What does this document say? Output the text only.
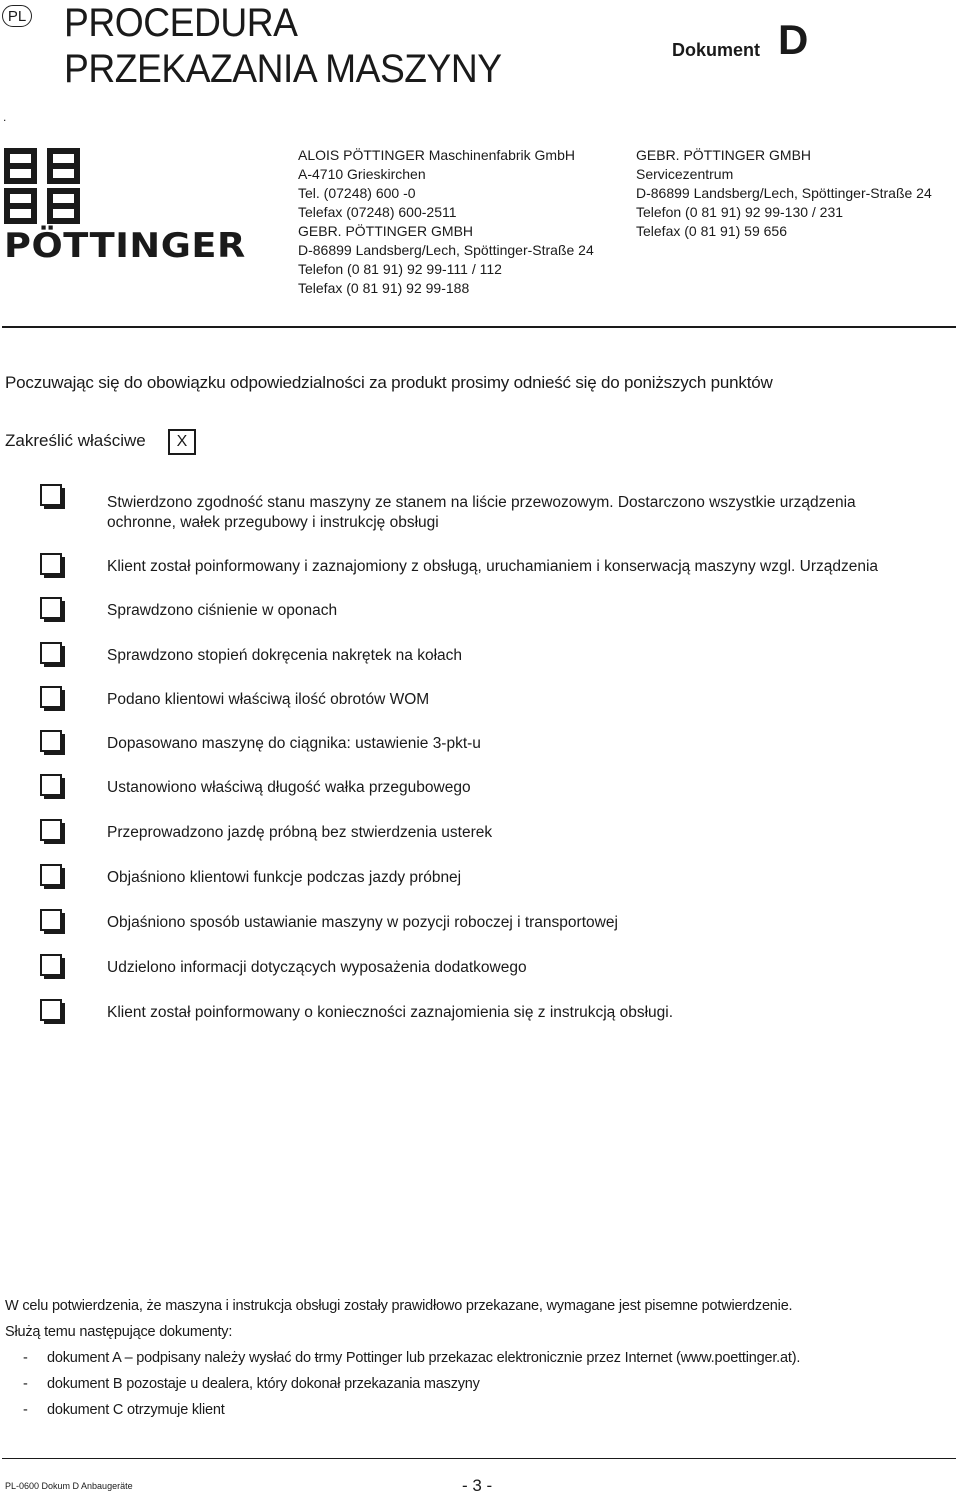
PL PROCEDURA
PRZEKAZANIA MASZYNY	Dokument D
.
PÖTTINGER
ALOIS PÖTTINGER Maschinenfabrik GmbH
A-4710 Grieskirchen
Tel. (07248) 600 -0
Telefax (07248) 600-2511
GEBR. PÖTTINGER GMBH
D-86899 Landsberg/Lech, Spöttinger-Straße 24
Telefon (0 81 91) 92 99-111 / 112
Telefax (0 81 91) 92 99-188
GEBR. PÖTTINGER GMBH
Servicezentrum
D-86899 Landsberg/Lech, Spöttinger-Straße 24
Telefon (0 81 91) 92 99-130 / 231
Telefax (0 81 91) 59 656
Poczuwając się do obowiązku odpowiedzialności za produkt prosimy odnieść się do poniższych punktów
Zakreślić właściwe	X
Stwierdzono zgodność stanu maszyny ze stanem na liście przewozowym. Dostarczono wszystkie urządzenia
ochronne, wałek przegubowy i instrukcję obsługi
Klient został poinformowany i zaznajomiony z obsługą, uruchamianiem i konserwacją maszyny wzgl. Urządzenia
Sprawdzono ciśnienie w oponach
Sprawdzono stopień dokręcenia nakrętek na kołach
Podano klientowi właściwą ilość obrotów WOM
Dopasowano maszynę do ciągnika: ustawienie 3-pkt-u
Ustanowiono właściwą długość wałka przegubowego
Przeprowadzono jazdę próbną bez stwierdzenia usterek
Objaśniono klientowi funkcje podczas jazdy próbnej
Objaśniono sposób ustawianie maszyny w pozycji roboczej i transportowej
Udzielono informacji dotyczących wyposażenia dodatkowego
Klient został poinformowany o konieczności zaznajomienia się z instrukcją obsługi.

W celu potwierdzenia, że maszyna i instrukcja obsługi zostały prawidłowo przekazane, wymagane jest pisemne potwierdzenie.

Służą temu następujące dokumenty:

-	dokument A – podpisany należy wysłać do ŧrmy Pottinger lub przekazac elektronicznie przez Internet (www.poettinger.at).
-	dokument B pozostaje u dealera, który dokonał przekazania maszyny
-	dokument C otrzymuje klient
PL-0600 Dokum D Anbaugeräte	- 3 -
